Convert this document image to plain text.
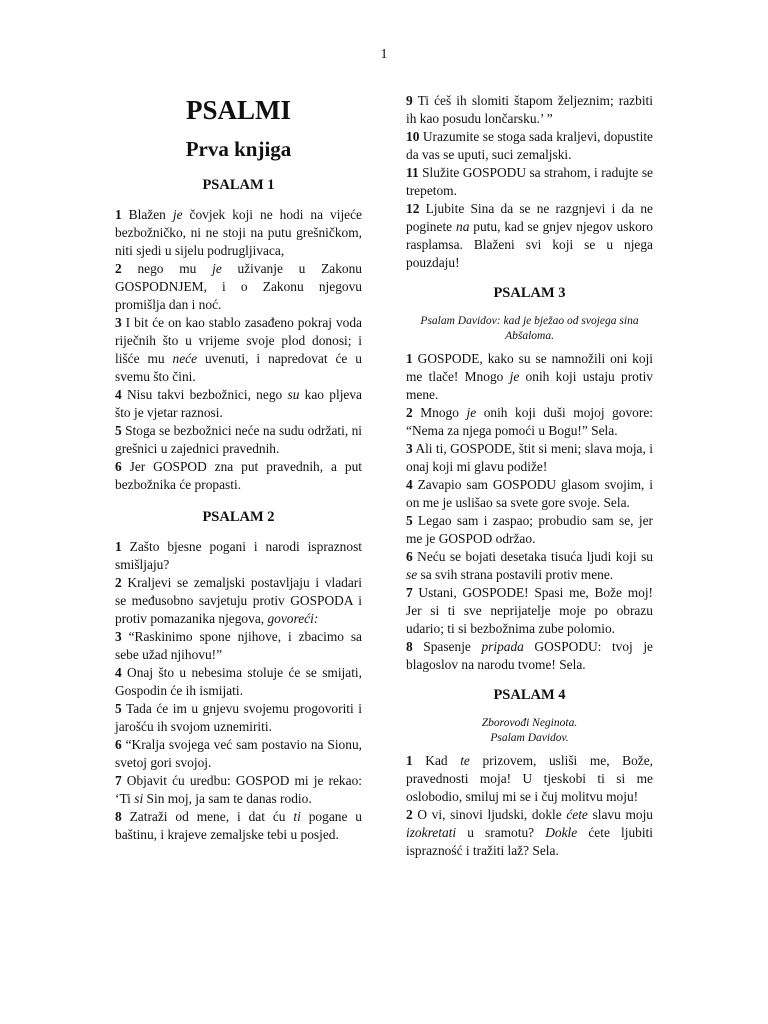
1
PSALMI
Prva knjiga
PSALAM 1

1 Blažen je čovjek koji ne hodi na vijeće bezbožničko, ni ne stoji na putu grešničkom, niti sjedi u sijelu podrugljivaca,

2 nego mu je uživanje u Zakonu GOSPODNJEM, i o Zakonu njegovu promišlja dan i noć.

3 I bit će on kao stablo zasađeno pokraj voda riječnih što u vrijeme svoje plod donosi; i lišće mu neće uvenuti, i napredovat će u svemu što čini.

4 Nisu takvi bezbožnici, nego su kao pljeva što je vjetar raznosi.

5 Stoga se bezbožnici neće na sudu održati, ni grešnici u zajednici pravednih.

6 Jer GOSPOD zna put pravednih, a put bezbožnika će propasti.

PSALAM 2

1 Zašto bjesne pogani i narodi ispraznost smišljaju?

2 Kraljevi se zemaljski postavljaju i vladari se međusobno savjetuju protiv GOSPODA i protiv pomazanika njegova, govoreći:

3 “Raskinimo spone njihove, i zbacimo sa sebe užad njihovu!”

4 Onaj što u nebesima stoluje će se smijati, Gospodin će ih ismijati.

5 Tada će im u gnjevu svojemu progovoriti i jarošću ih svojom uznemiriti.

6 “Kralja svojega već sam postavio na Sionu, svetoj gori svojoj.

7 Objavit ću uredbu: GOSPOD mi je rekao: ‘Ti si Sin moj, ja sam te danas rodio.

8 Zatraži od mene, i dat ću ti pogane u baštinu, i krajeve zemaljske tebi u posjed.

9 Ti ćeš ih slomiti štapom željeznim; razbiti ih kao posudu lončarsku.’ ”

10 Urazumite se stoga sada kraljevi, dopustite da vas se uputi, suci zemaljski.

11 Služite GOSPODU sa strahom, i radujte se trepetom.

12 Ljubite Sina da se ne razgnjevi i da ne poginete na putu, kad se gnjev njegov uskoro rasplamsa. Blaženi svi koji se u njega pouzdaju!

PSALAM 3
Psalam Davidov: kad je bježao od svojega sina Abšaloma.

1 GOSPODE, kako su se namnožili oni koji me tlače! Mnogo je onih koji ustaju protiv mene.

2 Mnogo je onih koji duši mojoj govore: “Nema za njega pomoći u Bogu!” Sela.

3 Ali ti, GOSPODE, štit si meni; slava moja, i onaj koji mi glavu podiže!

4 Zavapio sam GOSPODU glasom svojim, i on me je uslišao sa svete gore svoje. Sela.

5 Legao sam i zaspao; probudio sam se, jer me je GOSPOD održao.

6 Neću se bojati desetaka tisuća ljudi koji su se sa svih strana postavili protiv mene.

7 Ustani, GOSPODE! Spasi me, Bože moj! Jer si ti sve neprijatelje moje po obrazu udario; ti si bezbožnima zube polomio.

8 Spasenje pripada GOSPODU: tvoj je blagoslov na narodu tvome! Sela.

PSALAM 4
Zborovođi Neginota.
Psalam Davidov.

1 Kad te prizovem, usliši me, Bože, pravednosti moja! U tjeskobi ti si me oslobodio, smiluj mi se i čuj molitvu moju!

2 O vi, sinovi ljudski, dokle ćete slavu moju izokretati u sramotu? Dokle ćete ljubiti isprazność i tražiti laž? Sela.
